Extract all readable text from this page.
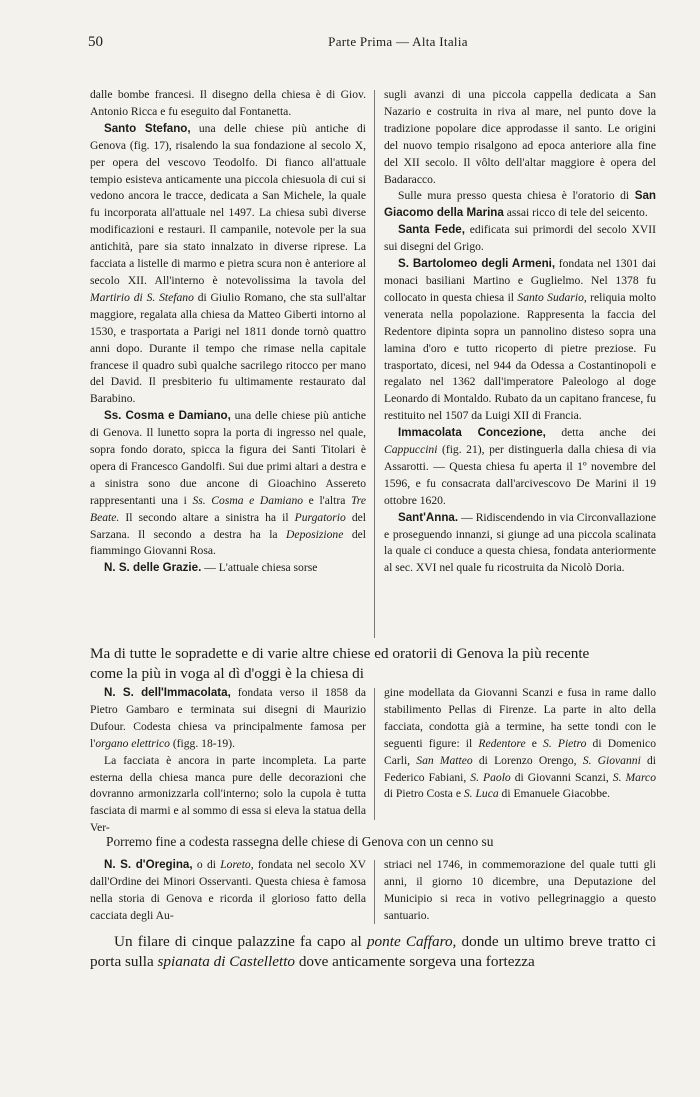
50	Parte Prima — Alta Italia

dalle bombe francesi. Il disegno della chiesa è di Giov. Antonio Ricca e fu eseguito dal Fontanetta.

Santo Stefano, una delle chiese più antiche di Genova (fig. 17), risalendo la sua fondazione al secolo X, per opera del vescovo Teodolfo. Di fianco all'attuale tempio esisteva anticamente una piccola chiesuola di cui si vedono ancora le tracce, dedicata a San Michele, la quale fu incorporata all'attuale nel 1497. La chiesa subì diverse modificazioni e restauri. Il campanile, notevole per la sua antichità, pare sia stato innalzato in diverse riprese. La facciata a listelle di marmo e pietra scura non è anteriore al secolo XII. All'interno è notevolissima la tavola del Martirio di S. Stefano di Giulio Romano, che sta sull'altar maggiore, regalata alla chiesa da Matteo Giberti intorno al 1530, e trasportata a Parigi nel 1811 donde tornò quattro anni dopo. Durante il tempo che rimase nella capitale francese il quadro subì qualche sacrilego ritocco per mano del David. Il presbiterio fu ultimamente restaurato dal Barabino.

Ss. Cosma e Damiano, una delle chiese più antiche di Genova. Il lunetto sopra la porta di ingresso nel quale, sopra fondo dorato, spicca la figura dei Santi Titolari è opera di Francesco Gandolfi. Sui due primi altari a destra e a sinistra sono due ancone di Gioachino Assereto rappresentanti una i Ss. Cosma e Damiano e l'altra Tre Beate. Il secondo altare a sinistra ha il Purgatorio del Sarzana. Il secondo a destra ha la Deposizione del fiammingo Giovanni Rosa.

N. S. delle Grazie. — L'attuale chiesa sorse

sugli avanzi di una piccola cappella dedicata a San Nazario e costruita in riva al mare, nel punto dove la tradizione popolare dice approdasse il santo. Le origini del nuovo tempio risalgono ad epoca anteriore alla fine del XII secolo. Il vôlto dell'altar maggiore è opera del Badaracco.

Sulle mura presso questa chiesa è l'oratorio di San Giacomo della Marina assai ricco di tele del seicento.

Santa Fede, edificata sui primordi del secolo XVII sui disegni del Grigo.

S. Bartolomeo degli Armeni, fondata nel 1301 dai monaci basiliani Martino e Guglielmo. Nel 1378 fu collocato in questa chiesa il Santo Sudario, reliquia molto venerata nella popolazione. Rappresenta la faccia del Redentore dipinta sopra un pannolino disteso sopra una lamina d'oro e tutto ricoperto di pietre preziose. Fu trasportato, dicesi, nel 944 da Odessa a Costantinopoli e regalato nel 1362 dall'imperatore Paleologo al doge Leonardo di Montaldo. Rubato da un capitano francese, fu restituito nel 1507 da Luigi XII di Francia.

Immacolata Concezione, detta anche dei Cappuccini (fig. 21), per distinguerla dalla chiesa di via Assarotti. — Questa chiesa fu aperta il 1º novembre del 1596, e fu consacrata dall'arcivescovo De Marini il 19 ottobre 1620.

Sant'Anna. — Ridiscendendo in via Circonvallazione e proseguendo innanzi, si giunge ad una piccola scalinata la quale ci conduce a questa chiesa, fondata anteriormente al sec. XVI nel quale fu ricostruita da Nicolò Doria.

Ma di tutte le sopradette e di varie altre chiese ed oratorii di Genova la più recente

come la più in voga al dì d'oggi è la chiesa di

N. S. dell'Immacolata, fondata verso il 1858 da Pietro Gambaro e terminata sui disegni di Maurizio Dufour. Codesta chiesa va principalmente famosa per l'organo elettrico (figg. 18-19).

La facciata è ancora in parte incompleta. La parte esterna della chiesa manca pure delle decorazioni che dovranno armonizzarla coll'interno; solo la cupola è tutta fasciata di marmi e al sommo di essa si eleva la statua della Ver-

gine modellata da Giovanni Scanzi e fusa in rame dallo stabilimento Pellas di Firenze. La parte in alto della facciata, condotta già a termine, ha sette tondi con le seguenti figure: il Redentore e S. Pietro di Domenico Carli, San Matteo di Lorenzo Orengo, S. Giovanni di Federico Fabiani, S. Paolo di Giovanni Scanzi, S. Marco di Pietro Costa e S. Luca di Emanuele Giacobbe.

Porremo fine a codesta rassegna delle chiese di Genova con un cenno su

N. S. d'Oregina, o di Loreto, fondata nel secolo XV dall'Ordine dei Minori Osservanti. Questa chiesa è famosa nella storia di Genova e ricorda il glorioso fatto della cacciata degli Au-

striaci nel 1746, in commemorazione del quale tutti gli anni, il giorno 10 dicembre, una Deputazione del Municipio si reca in votivo pellegrinaggio a questo santuario.

Un filare di cinque palazzine fa capo al ponte Caffaro, donde un ultimo breve tratto ci porta sulla spianata di Castelletto dove anticamente sorgeva una fortezza
